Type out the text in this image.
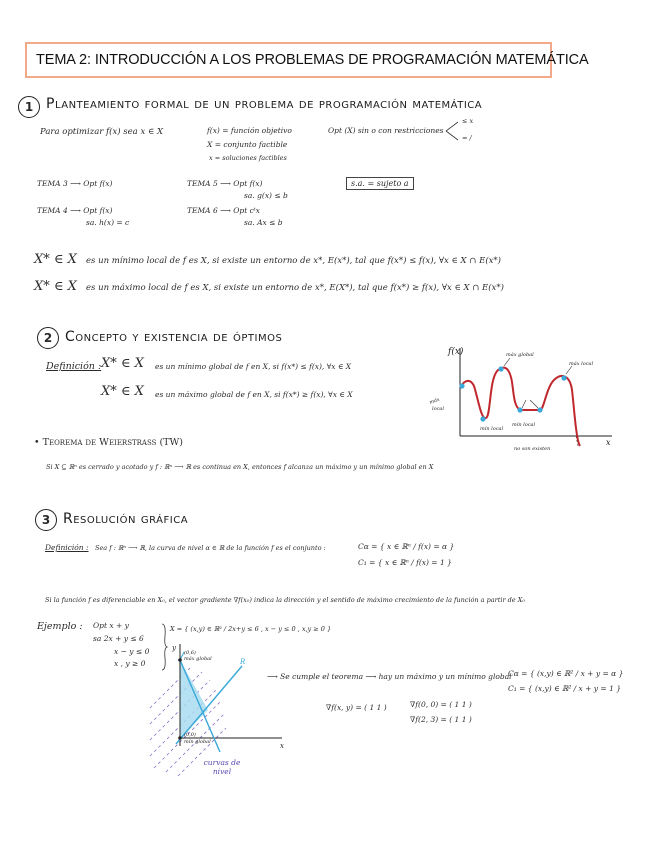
TEMA 2: INTRODUCCIÓN A LOS PROBLEMAS DE PROGRAMACIÓN MATEMÁTICA
1 Planteamiento formal de un problema de programación matemática
Para optimizar f(x) sea x ∈ X	f(x) = función objetivo
X = conjunto factible
x = soluciones factibles
Opt (X) sin o con restricciones
≤ x
= /
TEMA 3 ⟶ Opt f(x)	TEMA 5 ⟶ Opt f(x)
sa. g(x) ≤ b
s.a. = sujeto a
TEMA 4 ⟶ Opt f(x)
sa. h(x) = c
TEMA 6 ⟶ Opt cᵗx
sa. Ax ≤ b
X* ∈ X es un mínimo local de f es X, si existe un entorno de x*, E(x*), tal que f(x*) ≤ f(x), ∀x ∈ X ∩ E(x*)
X* ∈ X es un máximo local de f es X, si existe un entorno de x*, E(X*), tal que f(x*) ≥ f(x), ∀x ∈ X ∩ E(x*)
2 Concepto y existencia de óptimos
Definición : X* ∈ X es un mínimo global de f en X, si f(x*) ≤ f(x), ∀x ∈ X
X* ∈ X es un máximo global de f en X, si f(x*) ≥ f(x), ∀x ∈ X
f(x)
x
máx global
máx local
máx
local
mín local
mín local
no son existen
• Teorema de Weierstrass (TW)
Si X ⊆ ℝⁿ es cerrado y acotado y f : ℝⁿ ⟶ ℝ es continua en X, entonces f alcanza un máximo y un mínimo global en X
3 Resolución gráfica
Definición : Sea f : ℝⁿ ⟶ ℝ, la curva de nivel α ∈ ℝ de la función f es el conjunto :	Cα = { x ∈ ℝⁿ / f(x) = α }
C₁ = { x ∈ ℝⁿ / f(x) = 1 }
Si la función f es diferenciable en X₀, el vector gradiente ∇f(x₀) indica la dirección y el sentido de máximo crecimiento de la función a partir de X₀
Ejemplo : Opt x + y
sa 2x + y ≤ 6
x − y ≤ 0
x , y ≥ 0
X = { (x,y) ∈ ℝ² / 2x+y ≤ 6 , x − y ≤ 0 , x,y ≥ 0 }
y
x
R
(0,6)
máx global
(0,0)
mín global
curvas de nivel
⟶ Se cumple el teorema ⟶ hay un máximo y un mínimo global
∇f(x, y) = ( 1 1 )	∇f(0, 0) = ( 1 1 )
∇f(2, 3) = ( 1 1 )
Cα = { (x,y) ∈ ℝ² / x + y = α }
C₁ = { (x,y) ∈ ℝ² / x + y = 1 }
